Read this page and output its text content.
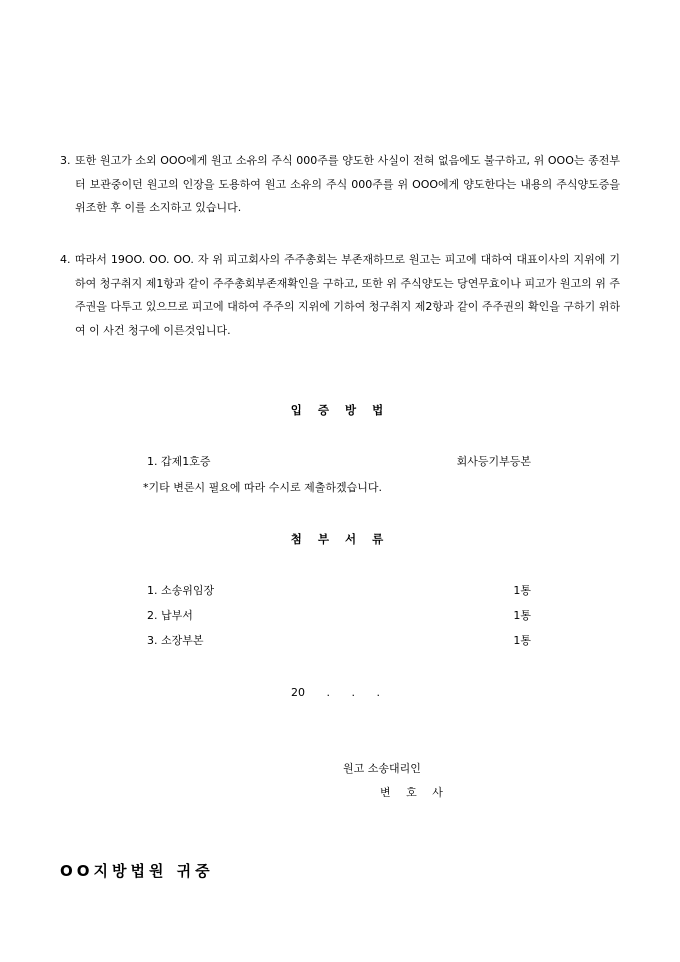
3. 또한 원고가 소외 OOO에게 원고 소유의 주식 000주를 양도한 사실이 전혀 없음에도 불구하고, 위 OOO는 종전부터 보관중이던 원고의 인장을 도용하여 원고 소유의 주식 000주를 위 OOO에게 양도한다는 내용의 주식양도증을 위조한 후 이를 소지하고 있습니다.
4. 따라서 19OO. OO. OO. 자 위 피고회사의 주주총회는 부존재하므로 원고는 피고에 대하여 대표이사의 지위에 기하여 청구취지 제1항과 같이 주주총회부존재확인을 구하고, 또한 위 주식양도는 당연무효이나 피고가 원고의 위 주주권을 다투고 있으므로 피고에 대하여 주주의 지위에 기하여 청구취지 제2항과 같이 주주권의 확인을 구하기 위하여 이 사건 청구에 이른것입니다.
입 증 방 법
1. 갑제1호증	회사등기부등본
*기타 변론시 필요에 따라 수시로 제출하겠습니다.
첨 부 서 류
1. 소송위임장	1통
2. 납부서	1통
3. 소장부본	1통
20 . . .
원고 소송대리인
변 호 사
OO지방법원 귀중
